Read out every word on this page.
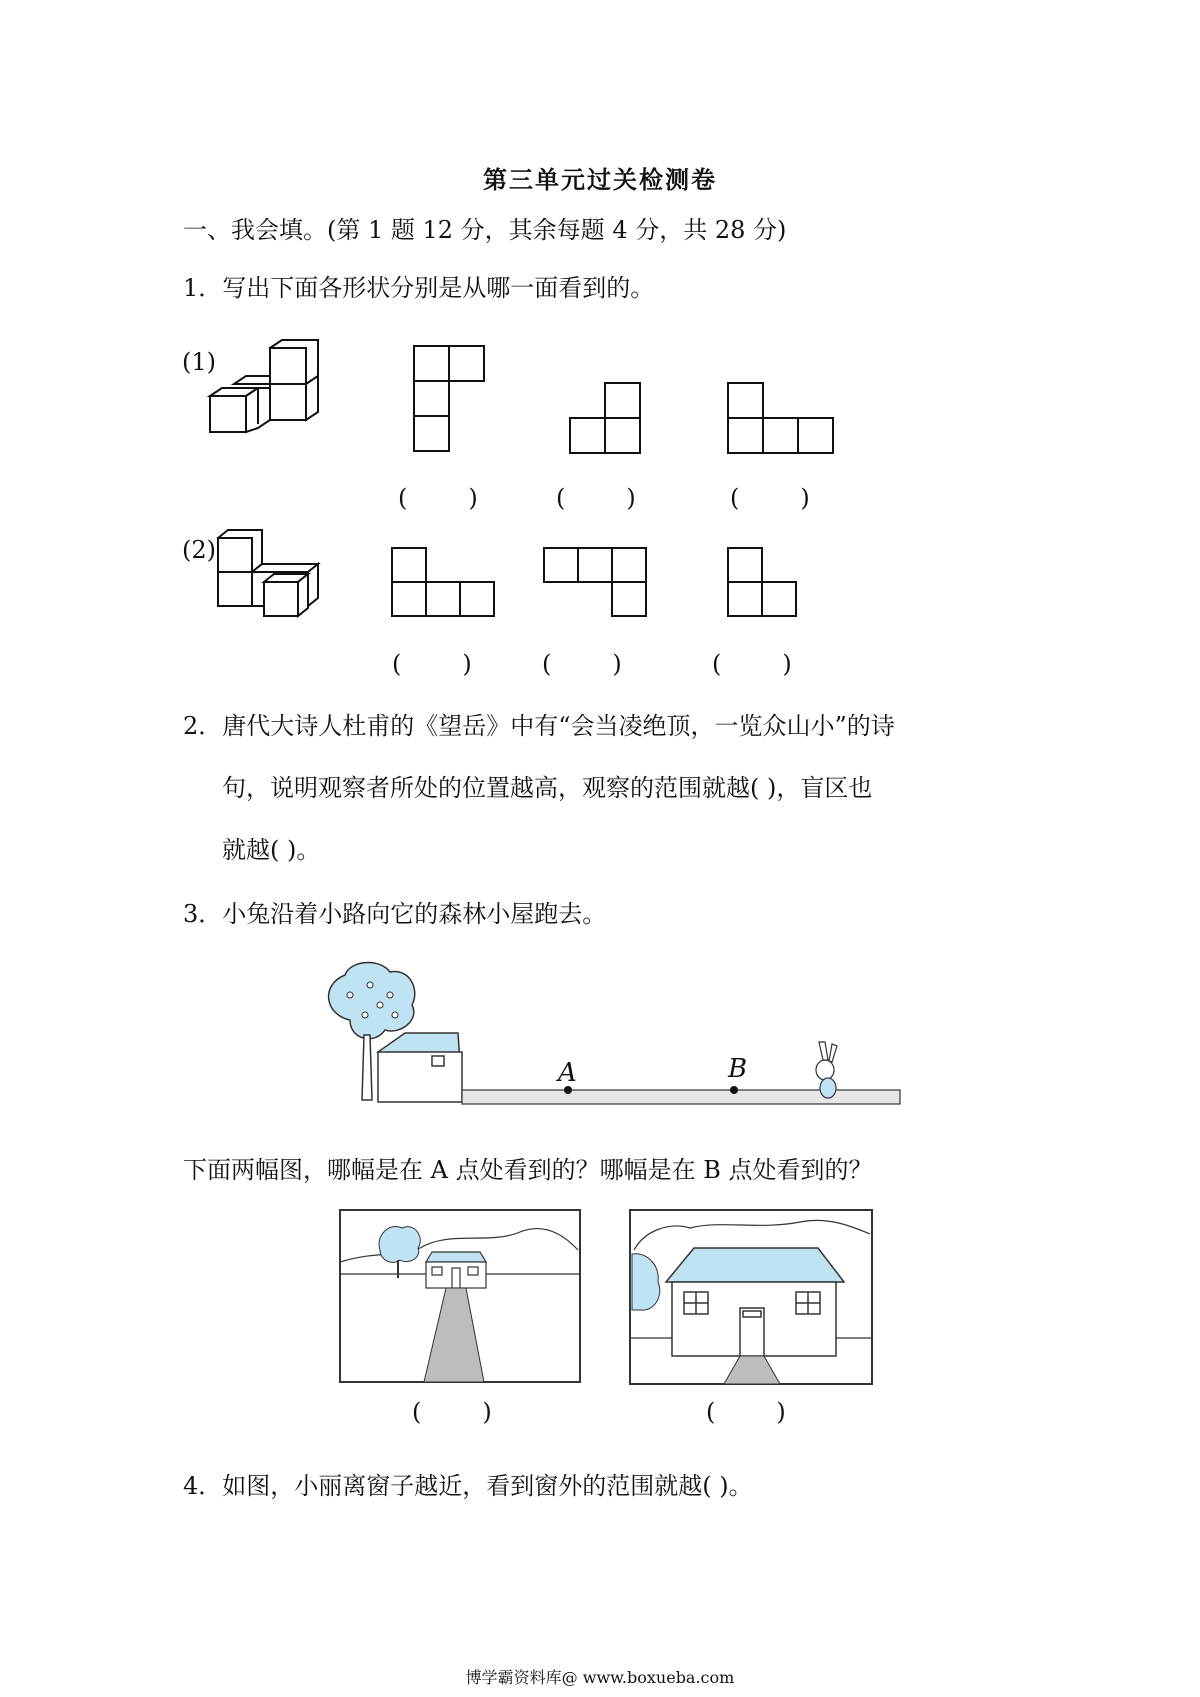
第三单元过关检测卷
一、我会填。(第 1 题 12 分，其余每题 4 分，共 28 分)
1．写出下面各形状分别是从哪一面看到的。
(1)
(        )	(        )	(        )
(2)
(        )	(        )	(        )
2．唐代大诗人杜甫的《望岳》中有“会当凌绝顶，一览众山小”的诗
句，说明观察者所处的位置越高，观察的范围就越( )，盲区也
就越( )。
3．小兔沿着小路向它的森林小屋跑去。
A	B
下面两幅图，哪幅是在 A 点处看到的？哪幅是在 B 点处看到的？
(        )	(        )
4．如图，小丽离窗子越近，看到窗外的范围就越( )。
博学霸资料库@ www.boxueba.com
